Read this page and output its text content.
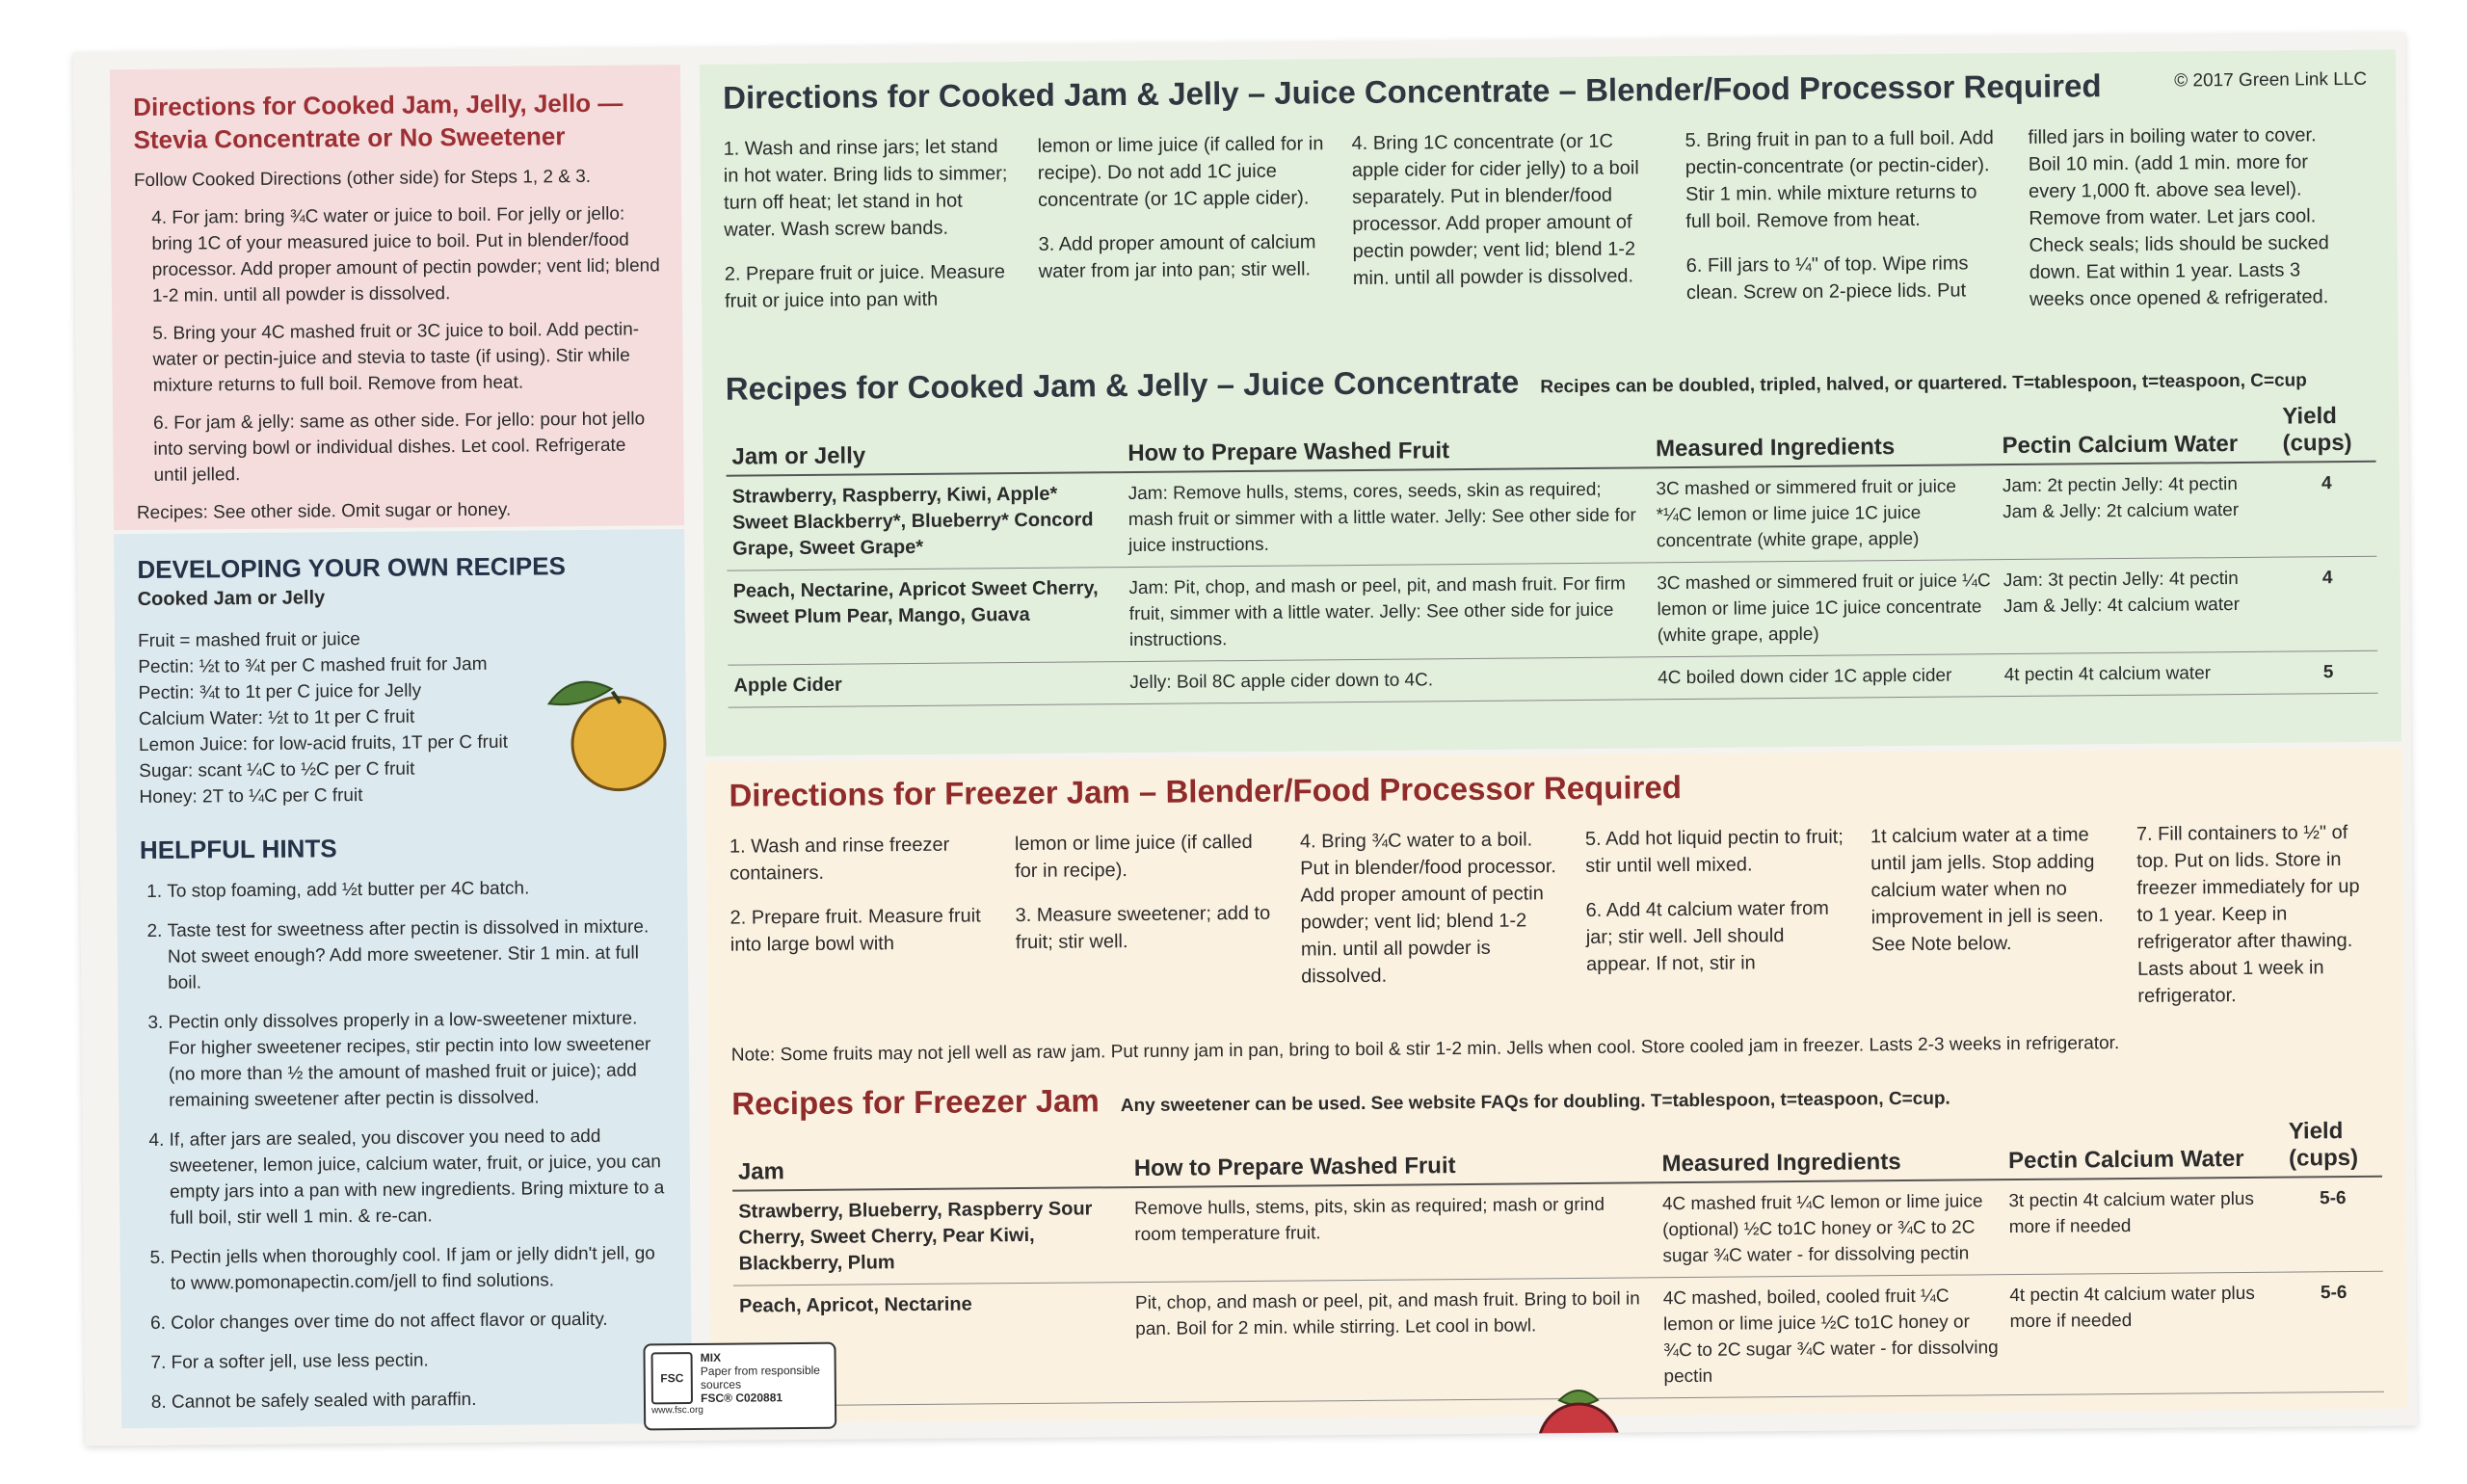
Directions for Cooked Jam, Jelly, Jello — Stevia Concentrate or No Sweetener
Follow Cooked Directions (other side) for Steps 1, 2 & 3.
4. For jam: bring ¾C water or juice to boil. For jelly or jello: bring 1C of your measured juice to boil. Put in blender/food processor. Add proper amount of pectin powder; vent lid; blend 1-2 min. until all powder is dissolved.
5. Bring your 4C mashed fruit or 3C juice to boil. Add pectin-water or pectin-juice and stevia to taste (if using). Stir while mixture returns to full boil. Remove from heat.
6. For jam & jelly: same as other side. For jello: pour hot jello into serving bowl or individual dishes. Let cool. Refrigerate until jelled.
Recipes: See other side. Omit sugar or honey.
DEVELOPING YOUR OWN RECIPES
Cooked Jam or Jelly
Fruit = mashed fruit or juice
Pectin: ½t to ¾t per C mashed fruit for Jam
Pectin: ¾t to 1t per C juice for Jelly
Calcium Water: ½t to 1t per C fruit
Lemon Juice: for low-acid fruits, 1T per C fruit
Sugar: scant ¼C to ½C per C fruit
Honey: 2T to ¼C per C fruit
HELPFUL HINTS
1. To stop foaming, add ½t butter per 4C batch.
2. Taste test for sweetness after pectin is dissolved in mixture. Not sweet enough? Add more sweetener. Stir 1 min. at full boil.
3. Pectin only dissolves properly in a low-sweetener mixture. For higher sweetener recipes, stir pectin into low sweetener (no more than ½ the amount of mashed fruit or juice); add remaining sweetener after pectin is dissolved.
4. If, after jars are sealed, you discover you need to add sweetener, lemon juice, calcium water, fruit, or juice, you can empty jars into a pan with new ingredients. Bring mixture to a full boil, stir well 1 min. & re-can.
5. Pectin jells when thoroughly cool. If jam or jelly didn't jell, go to www.pomonapectin.com/jell to find solutions.
6. Color changes over time do not affect flavor or quality.
7. For a softer jell, use less pectin.
8. Cannot be safely sealed with paraffin.
© 2017 Green Link LLC
Directions for Cooked Jam & Jelly – Juice Concentrate – Blender/Food Processor Required

1. Wash and rinse jars; let stand in hot water. Bring lids to simmer; turn off heat; let stand in hot water. Wash screw bands.

2. Prepare fruit or juice. Measure fruit or juice into pan with

lemon or lime juice (if called for in recipe). Do not add 1C juice concentrate (or 1C apple cider).

3. Add proper amount of calcium water from jar into pan; stir well.

4. Bring 1C concentrate (or 1C apple cider for cider jelly) to a boil separately. Put in blender/food processor. Add proper amount of pectin powder; vent lid; blend 1-2 min. until all powder is dissolved.

5. Bring fruit in pan to a full boil. Add pectin-concentrate (or pectin-cider). Stir 1 min. while mixture returns to full boil. Remove from heat.

6. Fill jars to ¼" of top. Wipe rims clean. Screw on 2-piece lids. Put

filled jars in boiling water to cover. Boil 10 min. (add 1 min. more for every 1,000 ft. above sea level). Remove from water. Let jars cool. Check seals; lids should be sucked down. Eat within 1 year. Lasts 3 weeks once opened & refrigerated.

Recipes for Cooked Jam & Jelly – Juice Concentrate Recipes can be doubled, tripled, halved, or quartered. T=tablespoon, t=teaspoon, C=cup
Jam or Jelly	How to Prepare Washed Fruit	Measured Ingredients	Pectin Calcium Water	Yield (cups)
Strawberry, Raspberry, Kiwi, Apple* Sweet Blackberry*, Blueberry* Concord Grape, Sweet Grape*	Jam: Remove hulls, stems, cores, seeds, skin as required; mash fruit or simmer with a little water. Jelly: See other side for juice instructions.	3C mashed or simmered fruit or juice *¼C lemon or lime juice 1C juice concentrate (white grape, apple)	Jam: 2t pectin Jelly: 4t pectin Jam & Jelly: 2t calcium water	4
Peach, Nectarine, Apricot Sweet Cherry, Sweet Plum Pear, Mango, Guava	Jam: Pit, chop, and mash or peel, pit, and mash fruit. For firm fruit, simmer with a little water. Jelly: See other side for juice instructions.	3C mashed or simmered fruit or juice ¼C lemon or lime juice 1C juice concentrate (white grape, apple)	Jam: 3t pectin Jelly: 4t pectin Jam & Jelly: 4t calcium water	4
Apple Cider	Jelly: Boil 8C apple cider down to 4C.	4C boiled down cider 1C apple cider	4t pectin 4t calcium water	5
Directions for Freezer Jam – Blender/Food Processor Required

1. Wash and rinse freezer containers.

2. Prepare fruit. Measure fruit into large bowl with

lemon or lime juice (if called for in recipe).

3. Measure sweetener; add to fruit; stir well.

4. Bring ¾C water to a boil. Put in blender/food processor. Add proper amount of pectin powder; vent lid; blend 1-2 min. until all powder is dissolved.

5. Add hot liquid pectin to fruit; stir until well mixed.

6. Add 4t calcium water from jar; stir well. Jell should appear. If not, stir in

1t calcium water at a time until jam jells. Stop adding calcium water when no improvement in jell is seen. See Note below.

7. Fill containers to ½" of top. Put on lids. Store in freezer immediately for up to 1 year. Keep in refrigerator after thawing. Lasts about 1 week in refrigerator.

Note: Some fruits may not jell well as raw jam. Put runny jam in pan, bring to boil & stir 1-2 min. Jells when cool. Store cooled jam in freezer. Lasts 2-3 weeks in refrigerator.
Recipes for Freezer Jam Any sweetener can be used. See website FAQs for doubling. T=tablespoon, t=teaspoon, C=cup.
Jam	How to Prepare Washed Fruit	Measured Ingredients	Pectin Calcium Water	Yield (cups)
Strawberry, Blueberry, Raspberry Sour Cherry, Sweet Cherry, Pear Kiwi, Blackberry, Plum	Remove hulls, stems, pits, skin as required; mash or grind room temperature fruit.	4C mashed fruit ¼C lemon or lime juice (optional) ½C to1C honey or ¾C to 2C sugar ¾C water - for dissolving pectin	3t pectin 4t calcium water plus more if needed	5-6
Peach, Apricot, Nectarine	Pit, chop, and mash or peel, pit, and mash fruit. Bring to boil in pan. Boil for 2 min. while stirring. Let cool in bowl.	4C mashed, boiled, cooled fruit ¼C lemon or lime juice ½C to1C honey or ¾C to 2C sugar ¾C water - for dissolving pectin	4t pectin 4t calcium water plus more if needed	5-6
FSC
MIX
Paper from responsible sources
FSC® C020881
www.fsc.org
